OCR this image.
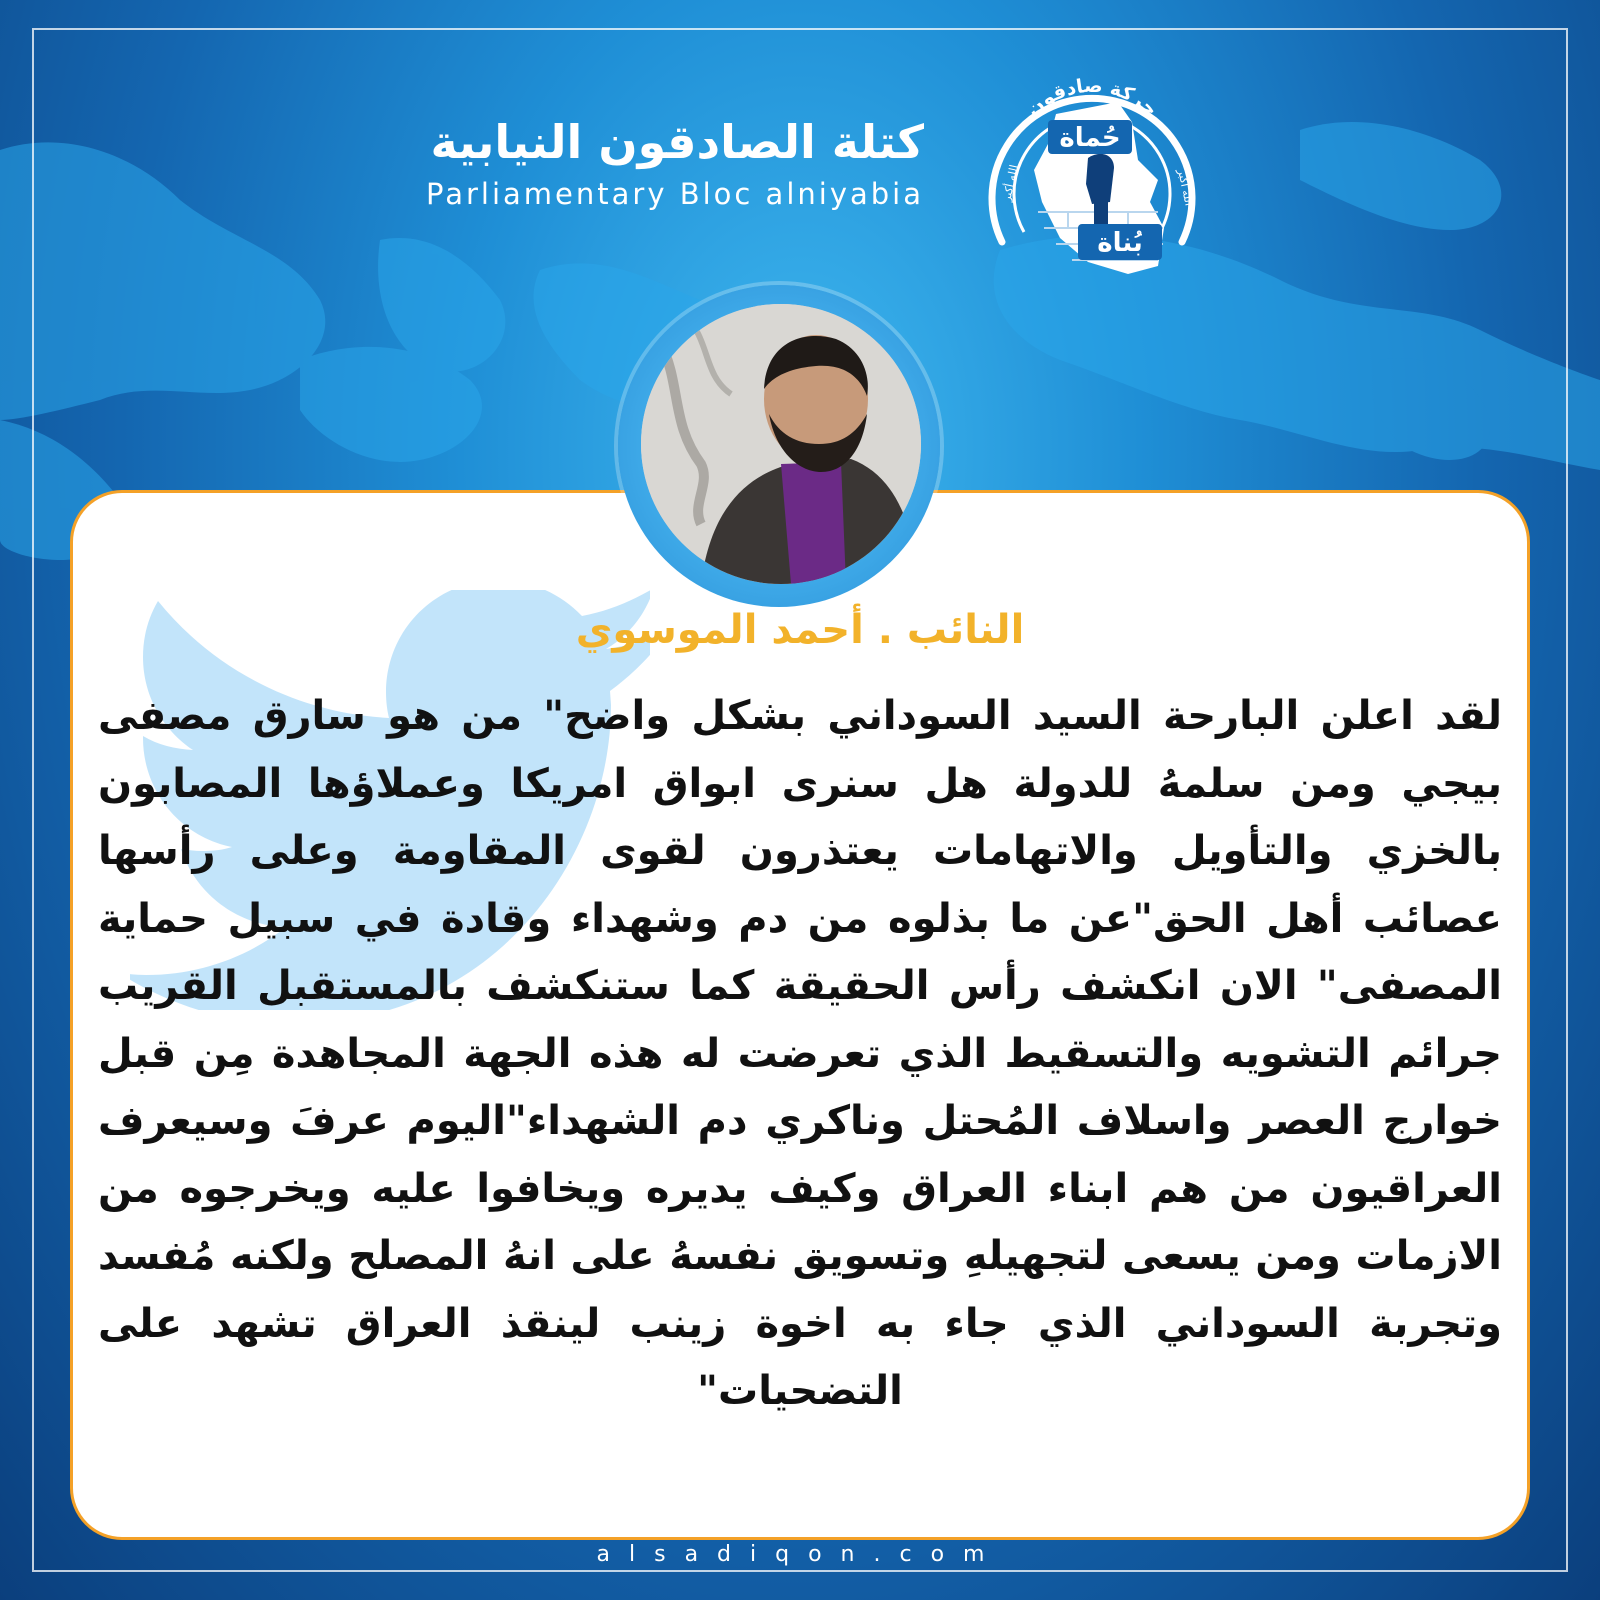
كتلة الصادقون النيابية
Parliamentary Bloc alniyabia
حركة صادقون
الله أكبر	الله أكبر
حُماة
بُناة
النائب . أحمد الموسوي
لقد اعلن البارحة السيد السوداني بشكل واضح" من هو سارق مصفى بيجي ومن سلمهُ للدولة هل سنرى ابواق امريكا وعملاؤها المصابون بالخزي والتأويل والاتهامات يعتذرون لقوى المقاومة وعلى رأسها عصائب أهل الحق"عن ما بذلوه من دم وشهداء وقادة في سبيل حماية المصفى" الان انكشف رأس الحقيقة كما ستنكشف بالمستقبل القريب جرائم التشويه والتسقيط الذي تعرضت له هذه الجهة المجاهدة مِن قبل خوارج العصر واسلاف المُحتل وناكري دم الشهداء"اليوم عرفَ وسيعرف العراقيون من هم ابناء العراق وكيف يديره ويخافوا عليه ويخرجوه من الازمات ومن يسعى لتجهيلهِ وتسويق نفسهُ على انهُ المصلح ولكنه مُفسد وتجربة السوداني الذي جاء به اخوة زينب لينقذ العراق تشهد على التضحيات"
alsadiqon.com
